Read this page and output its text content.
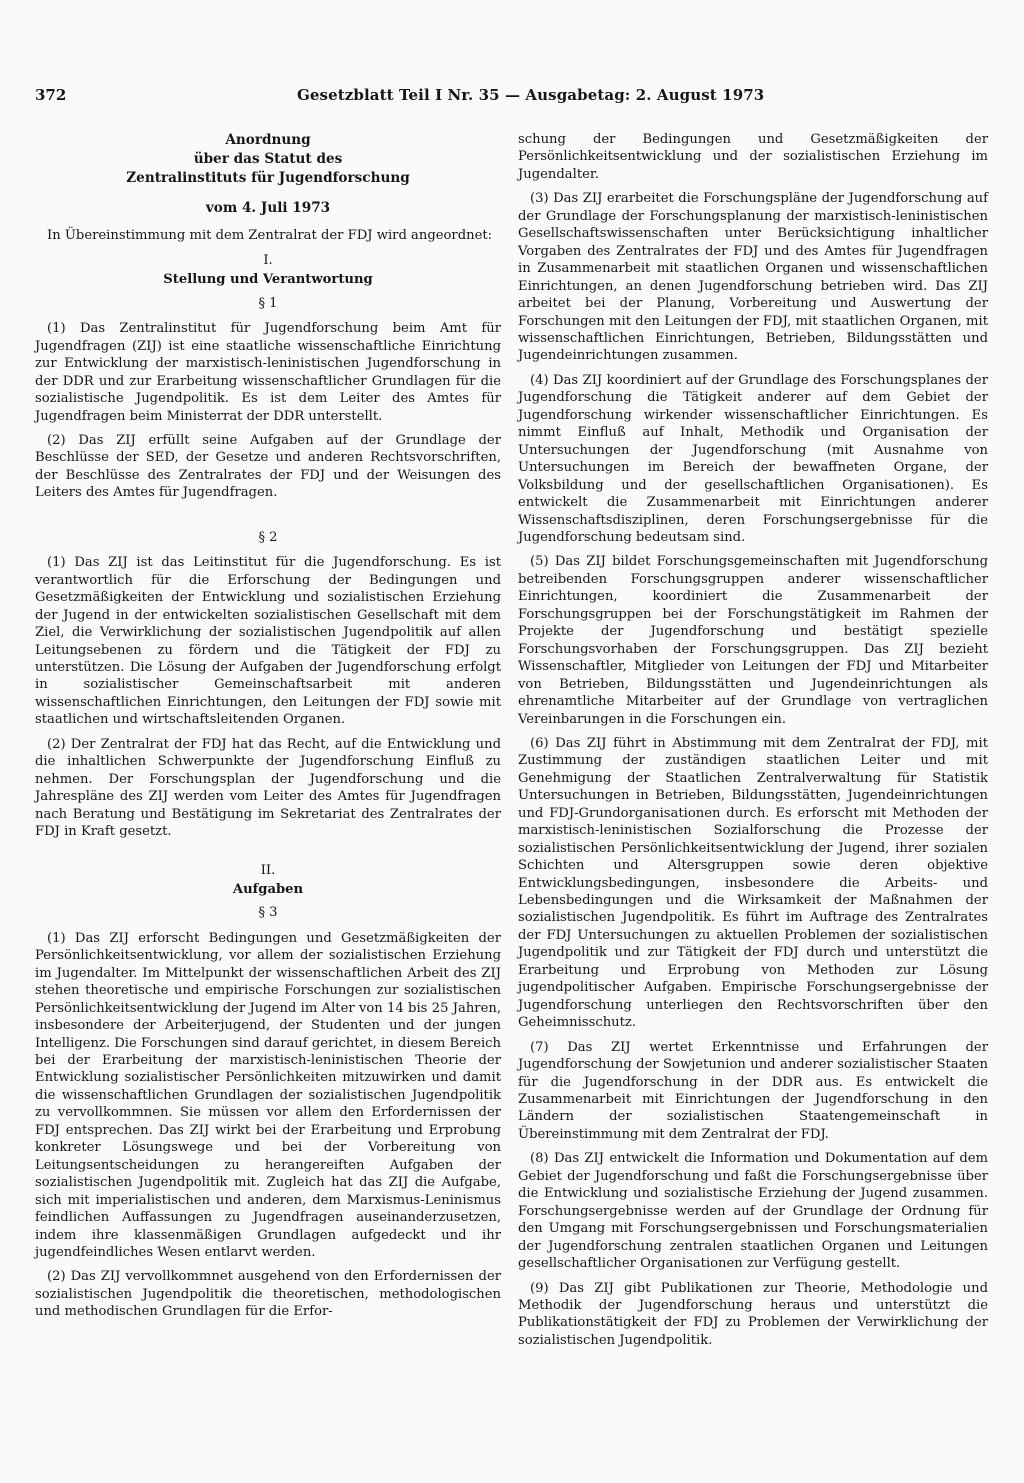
372	Gesetzblatt Teil I Nr. 35 — Ausgabetag: 2. August 1973
Anordnung
über das Statut des
Zentralinstituts für Jugendforschung
vom 4. Juli 1973

In Übereinstimmung mit dem Zentralrat der FDJ wird angeordnet:

I.
Stellung und Verantwortung
§ 1

(1) Das Zentralinstitut für Jugendforschung beim Amt für Jugendfragen (ZIJ) ist eine staatliche wissenschaftliche Einrichtung zur Entwicklung der marxistisch-leninistischen Jugendforschung in der DDR und zur Erarbeitung wissenschaftlicher Grundlagen für die sozialistische Jugendpolitik. Es ist dem Leiter des Amtes für Jugendfragen beim Ministerrat der DDR unterstellt.

(2) Das ZIJ erfüllt seine Aufgaben auf der Grundlage der Beschlüsse der SED, der Gesetze und anderen Rechtsvorschriften, der Beschlüsse des Zentralrates der FDJ und der Weisungen des Leiters des Amtes für Jugendfragen.

§ 2

(1) Das ZIJ ist das Leitinstitut für die Jugendforschung. Es ist verantwortlich für die Erforschung der Bedingungen und Gesetzmäßigkeiten der Entwicklung und sozialistischen Erziehung der Jugend in der entwickelten sozialistischen Gesellschaft mit dem Ziel, die Verwirklichung der sozialistischen Jugendpolitik auf allen Leitungsebenen zu fördern und die Tätigkeit der FDJ zu unterstützen. Die Lösung der Aufgaben der Jugendforschung erfolgt in sozialistischer Gemeinschaftsarbeit mit anderen wissenschaftlichen Einrichtungen, den Leitungen der FDJ sowie mit staatlichen und wirtschaftsleitenden Organen.

(2) Der Zentralrat der FDJ hat das Recht, auf die Entwicklung und die inhaltlichen Schwerpunkte der Jugendforschung Einfluß zu nehmen. Der Forschungsplan der Jugendforschung und die Jahrespläne des ZIJ werden vom Leiter des Amtes für Jugendfragen nach Beratung und Bestätigung im Sekretariat des Zentralrates der FDJ in Kraft gesetzt.

II.
Aufgaben
§ 3

(1) Das ZIJ erforscht Bedingungen und Gesetzmäßigkeiten der Persönlichkeitsentwicklung, vor allem der sozialistischen Erziehung im Jugendalter. Im Mittelpunkt der wissenschaftlichen Arbeit des ZIJ stehen theoretische und empirische Forschungen zur sozialistischen Persönlichkeitsentwicklung der Jugend im Alter von 14 bis 25 Jahren, insbesondere der Arbeiterjugend, der Studenten und der jungen Intelligenz. Die Forschungen sind darauf gerichtet, in diesem Bereich bei der Erarbeitung der marxistisch-leninistischen Theorie der Entwicklung sozialistischer Persönlichkeiten mitzuwirken und damit die wissenschaftlichen Grundlagen der sozialistischen Jugendpolitik zu vervollkommnen. Sie müssen vor allem den Erfordernissen der FDJ entsprechen. Das ZIJ wirkt bei der Erarbeitung und Erprobung konkreter Lösungswege und bei der Vorbereitung von Leitungsentscheidungen zu herangereiften Aufgaben der sozialistischen Jugendpolitik mit. Zugleich hat das ZIJ die Aufgabe, sich mit imperialistischen und anderen, dem Marxismus-Leninismus feindlichen Auffassungen zu Jugendfragen auseinanderzusetzen, indem ihre klassenmäßigen Grundlagen aufgedeckt und ihr jugendfeindliches Wesen entlarvt werden.

(2) Das ZIJ vervollkommnet ausgehend von den Erfordernissen der sozialistischen Jugendpolitik die theoretischen, methodologischen und methodischen Grundlagen für die Erfor-

schung der Bedingungen und Gesetzmäßigkeiten der Persönlichkeitsentwicklung und der sozialistischen Erziehung im Jugendalter.

(3) Das ZIJ erarbeitet die Forschungspläne der Jugendforschung auf der Grundlage der Forschungsplanung der marxistisch-leninistischen Gesellschaftswissenschaften unter Berücksichtigung inhaltlicher Vorgaben des Zentralrates der FDJ und des Amtes für Jugendfragen in Zusammenarbeit mit staatlichen Organen und wissenschaftlichen Einrichtungen, an denen Jugendforschung betrieben wird. Das ZIJ arbeitet bei der Planung, Vorbereitung und Auswertung der Forschungen mit den Leitungen der FDJ, mit staatlichen Organen, mit wissenschaftlichen Einrichtungen, Betrieben, Bildungsstätten und Jugendeinrichtungen zusammen.

(4) Das ZIJ koordiniert auf der Grundlage des Forschungsplanes der Jugendforschung die Tätigkeit anderer auf dem Gebiet der Jugendforschung wirkender wissenschaftlicher Einrichtungen. Es nimmt Einfluß auf Inhalt, Methodik und Organisation der Untersuchungen der Jugendforschung (mit Ausnahme von Untersuchungen im Bereich der bewaffneten Organe, der Volksbildung und der gesellschaftlichen Organisationen). Es entwickelt die Zusammenarbeit mit Einrichtungen anderer Wissenschaftsdisziplinen, deren Forschungsergebnisse für die Jugendforschung bedeutsam sind.

(5) Das ZIJ bildet Forschungsgemeinschaften mit Jugendforschung betreibenden Forschungsgruppen anderer wissenschaftlicher Einrichtungen, koordiniert die Zusammenarbeit der Forschungsgruppen bei der Forschungstätigkeit im Rahmen der Projekte der Jugendforschung und bestätigt spezielle Forschungsvorhaben der Forschungsgruppen. Das ZIJ bezieht Wissenschaftler, Mitglieder von Leitungen der FDJ und Mitarbeiter von Betrieben, Bildungsstätten und Jugendeinrichtungen als ehrenamtliche Mitarbeiter auf der Grundlage von vertraglichen Vereinbarungen in die Forschungen ein.

(6) Das ZIJ führt in Abstimmung mit dem Zentralrat der FDJ, mit Zustimmung der zuständigen staatlichen Leiter und mit Genehmigung der Staatlichen Zentralverwaltung für Statistik Untersuchungen in Betrieben, Bildungsstätten, Jugendeinrichtungen und FDJ-Grundorganisationen durch. Es erforscht mit Methoden der marxistisch-leninistischen Sozialforschung die Prozesse der sozialistischen Persönlichkeitsentwicklung der Jugend, ihrer sozialen Schichten und Altersgruppen sowie deren objektive Entwicklungsbedingungen, insbesondere die Arbeits- und Lebensbedingungen und die Wirksamkeit der Maßnahmen der sozialistischen Jugendpolitik. Es führt im Auftrage des Zentralrates der FDJ Untersuchungen zu aktuellen Problemen der sozialistischen Jugendpolitik und zur Tätigkeit der FDJ durch und unterstützt die Erarbeitung und Erprobung von Methoden zur Lösung jugendpolitischer Aufgaben. Empirische Forschungsergebnisse der Jugendforschung unterliegen den Rechtsvorschriften über den Geheimnisschutz.

(7) Das ZIJ wertet Erkenntnisse und Erfahrungen der Jugendforschung der Sowjetunion und anderer sozialistischer Staaten für die Jugendforschung in der DDR aus. Es entwickelt die Zusammenarbeit mit Einrichtungen der Jugendforschung in den Ländern der sozialistischen Staatengemeinschaft in Übereinstimmung mit dem Zentralrat der FDJ.

(8) Das ZIJ entwickelt die Information und Dokumentation auf dem Gebiet der Jugendforschung und faßt die Forschungsergebnisse über die Entwicklung und sozialistische Erziehung der Jugend zusammen. Forschungsergebnisse werden auf der Grundlage der Ordnung für den Umgang mit Forschungsergebnissen und Forschungsmaterialien der Jugendforschung zentralen staatlichen Organen und Leitungen gesellschaftlicher Organisationen zur Verfügung gestellt.

(9) Das ZIJ gibt Publikationen zur Theorie, Methodologie und Methodik der Jugendforschung heraus und unterstützt die Publikationstätigkeit der FDJ zu Problemen der Verwirklichung der sozialistischen Jugendpolitik.
